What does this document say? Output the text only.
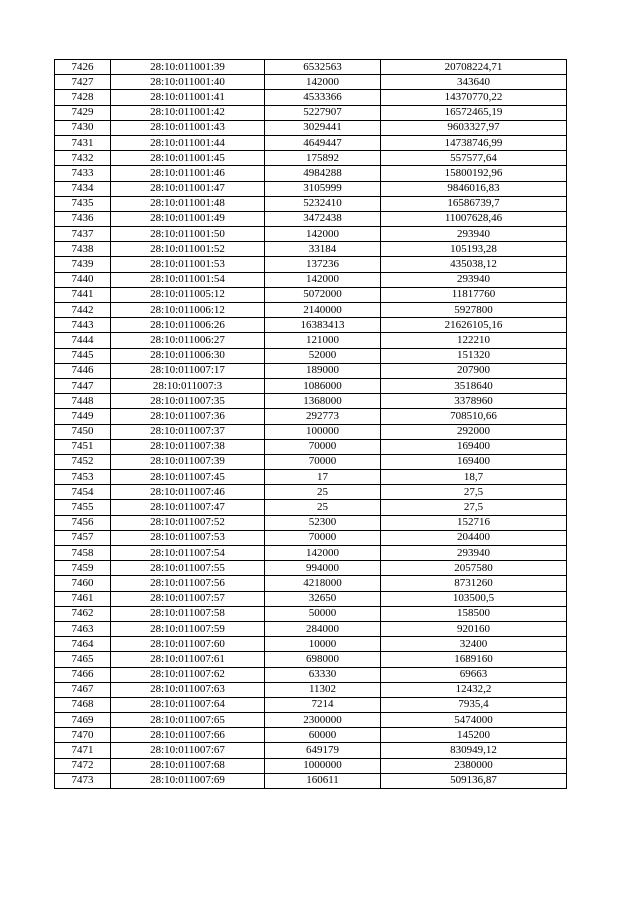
7426	28:10:011001:39	6532563	20708224,71
7427	28:10:011001:40	142000	343640
7428	28:10:011001:41	4533366	14370770,22
7429	28:10:011001:42	5227907	16572465,19
7430	28:10:011001:43	3029441	9603327,97
7431	28:10:011001:44	4649447	14738746,99
7432	28:10:011001:45	175892	557577,64
7433	28:10:011001:46	4984288	15800192,96
7434	28:10:011001:47	3105999	9846016,83
7435	28:10:011001:48	5232410	16586739,7
7436	28:10:011001:49	3472438	11007628,46
7437	28:10:011001:50	142000	293940
7438	28:10:011001:52	33184	105193,28
7439	28:10:011001:53	137236	435038,12
7440	28:10:011001:54	142000	293940
7441	28:10:011005:12	5072000	11817760
7442	28:10:011006:12	2140000	5927800
7443	28:10:011006:26	16383413	21626105,16
7444	28:10:011006:27	121000	122210
7445	28:10:011006:30	52000	151320
7446	28:10:011007:17	189000	207900
7447	28:10:011007:3	1086000	3518640
7448	28:10:011007:35	1368000	3378960
7449	28:10:011007:36	292773	708510,66
7450	28:10:011007:37	100000	292000
7451	28:10:011007:38	70000	169400
7452	28:10:011007:39	70000	169400
7453	28:10:011007:45	17	18,7
7454	28:10:011007:46	25	27,5
7455	28:10:011007:47	25	27,5
7456	28:10:011007:52	52300	152716
7457	28:10:011007:53	70000	204400
7458	28:10:011007:54	142000	293940
7459	28:10:011007:55	994000	2057580
7460	28:10:011007:56	4218000	8731260
7461	28:10:011007:57	32650	103500,5
7462	28:10:011007:58	50000	158500
7463	28:10:011007:59	284000	920160
7464	28:10:011007:60	10000	32400
7465	28:10:011007:61	698000	1689160
7466	28:10:011007:62	63330	69663
7467	28:10:011007:63	11302	12432,2
7468	28:10:011007:64	7214	7935,4
7469	28:10:011007:65	2300000	5474000
7470	28:10:011007:66	60000	145200
7471	28:10:011007:67	649179	830949,12
7472	28:10:011007:68	1000000	2380000
7473	28:10:011007:69	160611	509136,87
